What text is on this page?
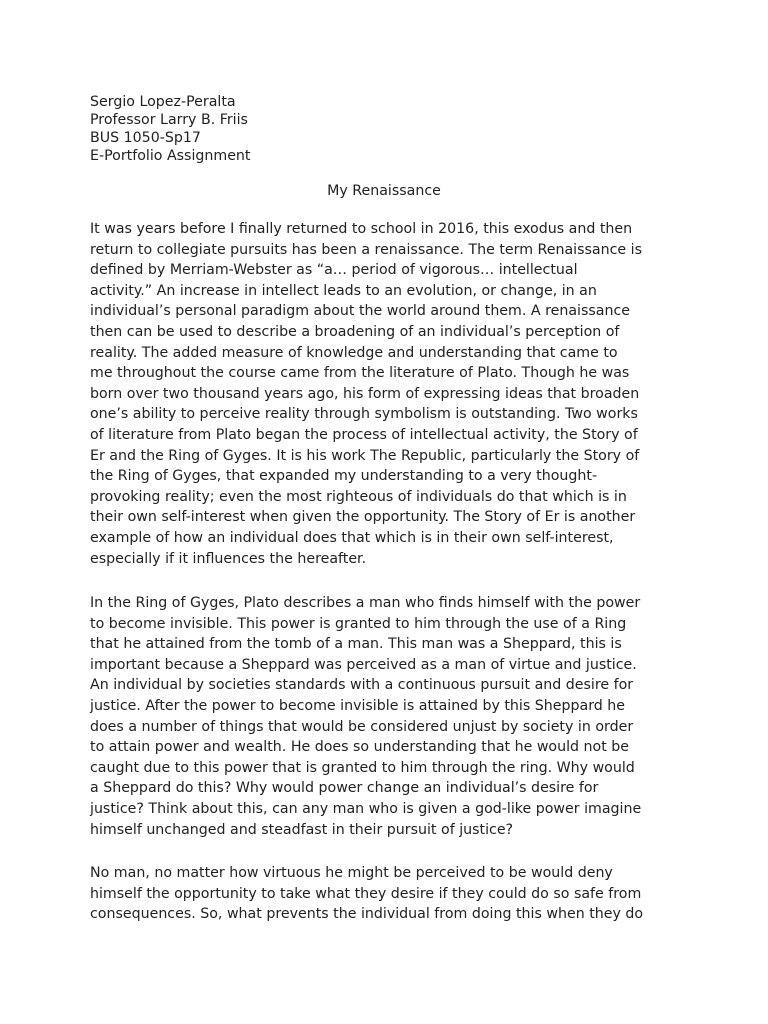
Sergio Lopez-Peralta
Professor Larry B. Friis
BUS 1050-Sp17
E-Portfolio Assignment
My Renaissance
It was years before I finally returned to school in 2016, this exodus and then
return to collegiate pursuits has been a renaissance. The term Renaissance is
defined by Merriam-Webster as “a… period of vigorous… intellectual
activity.” An increase in intellect leads to an evolution, or change, in an
individual’s personal paradigm about the world around them. A renaissance
then can be used to describe a broadening of an individual’s perception of
reality. The added measure of knowledge and understanding that came to
me throughout the course came from the literature of Plato. Though he was
born over two thousand years ago, his form of expressing ideas that broaden
one’s ability to perceive reality through symbolism is outstanding. Two works
of literature from Plato began the process of intellectual activity, the Story of
Er and the Ring of Gyges. It is his work The Republic, particularly the Story of
the Ring of Gyges, that expanded my understanding to a very thought-
provoking reality; even the most righteous of individuals do that which is in
their own self-interest when given the opportunity. The Story of Er is another
example of how an individual does that which is in their own self-interest,
especially if it influences the hereafter.
In the Ring of Gyges, Plato describes a man who finds himself with the power
to become invisible. This power is granted to him through the use of a Ring
that he attained from the tomb of a man. This man was a Sheppard, this is
important because a Sheppard was perceived as a man of virtue and justice.
An individual by societies standards with a continuous pursuit and desire for
justice. After the power to become invisible is attained by this Sheppard he
does a number of things that would be considered unjust by society in order
to attain power and wealth. He does so understanding that he would not be
caught due to this power that is granted to him through the ring. Why would
a Sheppard do this? Why would power change an individual’s desire for
justice? Think about this, can any man who is given a god-like power imagine
himself unchanged and steadfast in their pursuit of justice?
No man, no matter how virtuous he might be perceived to be would deny
himself the opportunity to take what they desire if they could do so safe from
consequences. So, what prevents the individual from doing this when they do
